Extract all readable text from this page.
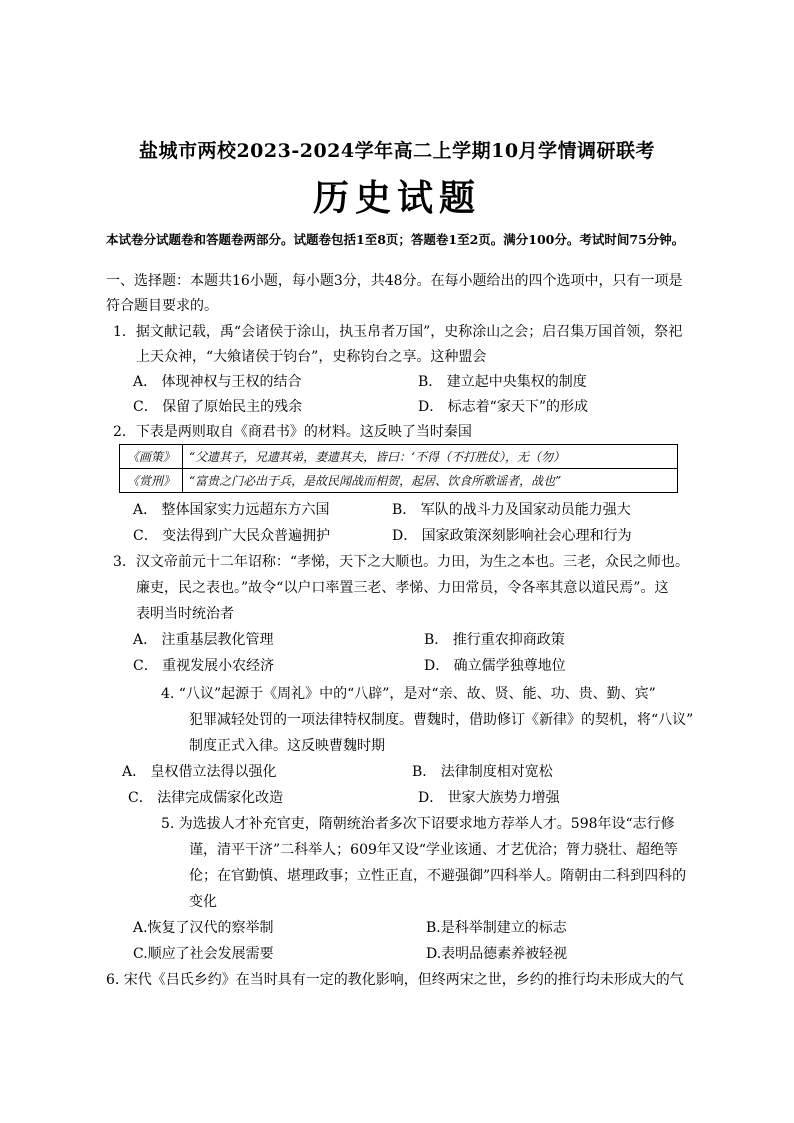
盐城市两校2023-2024学年高二上学期10月学情调研联考
历史试题
本试卷分试题卷和答题卷两部分。试题卷包括1至8页；答题卷1至2页。满分100分。考试时间75分钟。
一、选择题：本题共16小题，每小题3分，共48分。在每小题给出的四个选项中，只有一项是
符合题目要求的。
1．据文献记载，禹“会诸侯于涂山，执玉帛者万国”，史称涂山之会；启召集万国首领，祭祀
上天众神，“大飨诸侯于钧台”，史称钧台之享。这种盟会
A． 体现神权与王权的结合	B． 建立起中央集权的制度
C． 保留了原始民主的残余	D． 标志着“家天下”的形成
2．下表是两则取自《商君书》的材料。这反映了当时秦国
《画策》	“父遗其子，兄遗其弟，妻遗其夫，皆曰：‘不得（不打胜仗），无（勿）
《赏刑》	“富贵之门必出于兵，是故民闻战而相贺，起居、饮食所歌谣者，战也”
A． 整体国家实力远超东方六国	B． 军队的战斗力及国家动员能力强大
C． 变法得到广大民众普遍拥护	D． 国家政策深刻影响社会心理和行为
3．汉文帝前元十二年诏称：“孝悌，天下之大顺也。力田，为生之本也。三老，众民之师也。
廉吏，民之表也。”故令“以户口率置三老、孝悌、力田常员，令各率其意以道民焉”。这
表明当时统治者
A． 注重基层教化管理	B． 推行重农抑商政策
C． 重视发展小农经济	D． 确立儒学独尊地位
4. “八议”起源于《周礼》中的“八辟”，是对“亲、故、贤、能、功、贵、勤、宾”
犯罪减轻处罚的一项法律特权制度。曹魏时，借助修订《新律》的契机，将“八议”
制度正式入律。这反映曹魏时期
A． 皇权借立法得以强化	B． 法律制度相对宽松
C． 法律完成儒家化改造	D． 世家大族势力增强
5. 为选拔人才补充官吏，隋朝统治者多次下诏要求地方荐举人才。598年设“志行修
谨，清平干济”二科举人；609年又设“学业该通、才艺优洽；膂力骁壮、超绝等
伦；在官勤慎、堪理政事；立性正直，不避强御”四科举人。隋朝由二科到四科的
变化
A.恢复了汉代的察举制	B.是科举制建立的标志
C.顺应了社会发展需要	D.表明品德素养被轻视
6. 宋代《吕氏乡约》在当时具有一定的教化影响，但终两宋之世，乡约的推行均未形成大的气
